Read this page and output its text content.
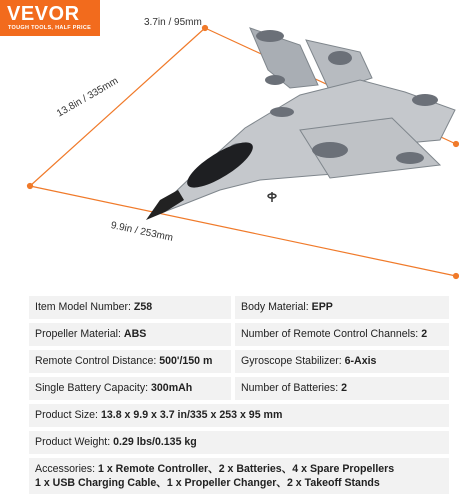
VEVOR
TOUGH TOOLS, HALF PRICE	3.7in / 95mm
13.8in / 335mm
9.9in / 253mm
Item Model Number: Z58	Body Material: EPP
Propeller Material: ABS	Number of Remote Control Channels: 2
Remote Control Distance: 500'/150 m	Gyroscope Stabilizer: 6-Axis
Single Battery Capacity: 300mAh	Number of Batteries: 2
Product Size: 13.8 x 9.9 x 3.7 in/335 x 253 x 95 mm
Product Weight: 0.29 lbs/0.135 kg
Accessories: 1 x Remote Controller、2 x Batteries、4 x Spare Propellers
1 x USB Charging Cable、1 x Propeller Changer、2 x Takeoff Stands
